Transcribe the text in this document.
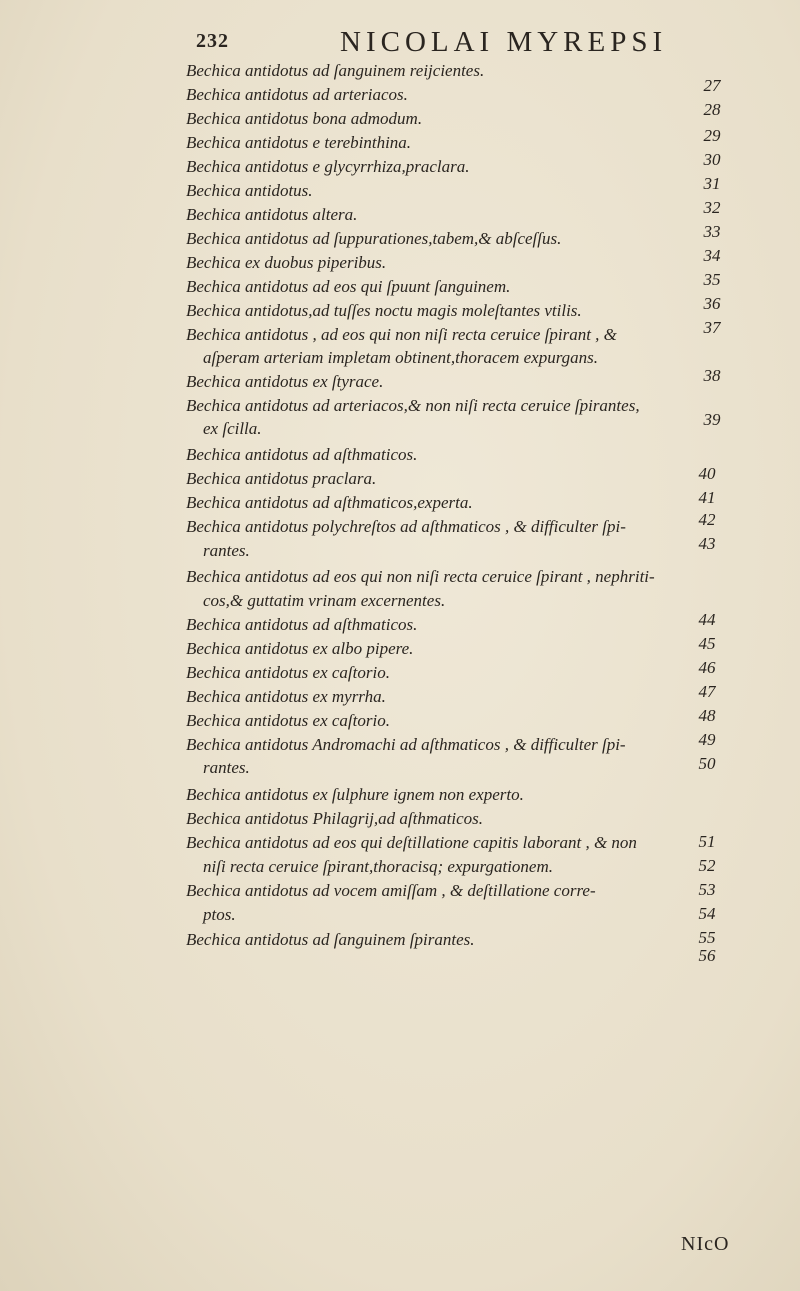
232	NICOLAI MYREPSI
Bechica antidotus ad ſanguinem reijcientes.
Bechica antidotus ad arteriacos.
Bechica antidotus bona admodum.
Bechica antidotus e terebinthina.
Bechica antidotus e glycyrrhiza,praclara.
Bechica antidotus.
Bechica antidotus altera.
Bechica antidotus ad ſuppurationes,tabem,& abſceſſus.
Bechica ex duobus piperibus.
Bechica antidotus ad eos qui ſpuunt ſanguinem.
Bechica antidotus,ad tuſſes noctu magis moleſtantes vtilis.
Bechica antidotus , ad eos qui non niſi recta ceruice ſpirant , &
aſperam arteriam impletam obtinent,thoracem expurgans.
Bechica antidotus ex ſtyrace.
Bechica antidotus ad arteriacos,& non niſi recta ceruice ſpirantes,
ex ſcilla.
Bechica antidotus ad aſthmaticos.
Bechica antidotus praclara.
Bechica antidotus ad aſthmaticos,experta.
Bechica antidotus polychreſtos ad aſthmaticos , & difficulter ſpi-
rantes.
Bechica antidotus ad eos qui non niſi recta ceruice ſpirant , nephriti-
cos,& guttatim vrinam excernentes.
Bechica antidotus ad aſthmaticos.
Bechica antidotus ex albo pipere.
Bechica antidotus ex caſtorio.
Bechica antidotus ex myrrha.
Bechica antidotus ex caſtorio.
Bechica antidotus Andromachi ad aſthmaticos , & difficulter ſpi-
rantes.
Bechica antidotus ex ſulphure ignem non experto.
Bechica antidotus Philagrij,ad aſthmaticos.
Bechica antidotus ad eos qui deſtillatione capitis laborant , & non
niſi recta ceruice ſpirant,thoracisq; expurgationem.
Bechica antidotus ad vocem amiſſam , & deſtillatione corre-
ptos.
Bechica antidotus ad ſanguinem ſpirantes.
27
28
29
30
31
32
33
34
35
36
37
38
39
40
41
42
43
44
45
46
47
48
49
50
51
52
53
54
55
56
NIcO
